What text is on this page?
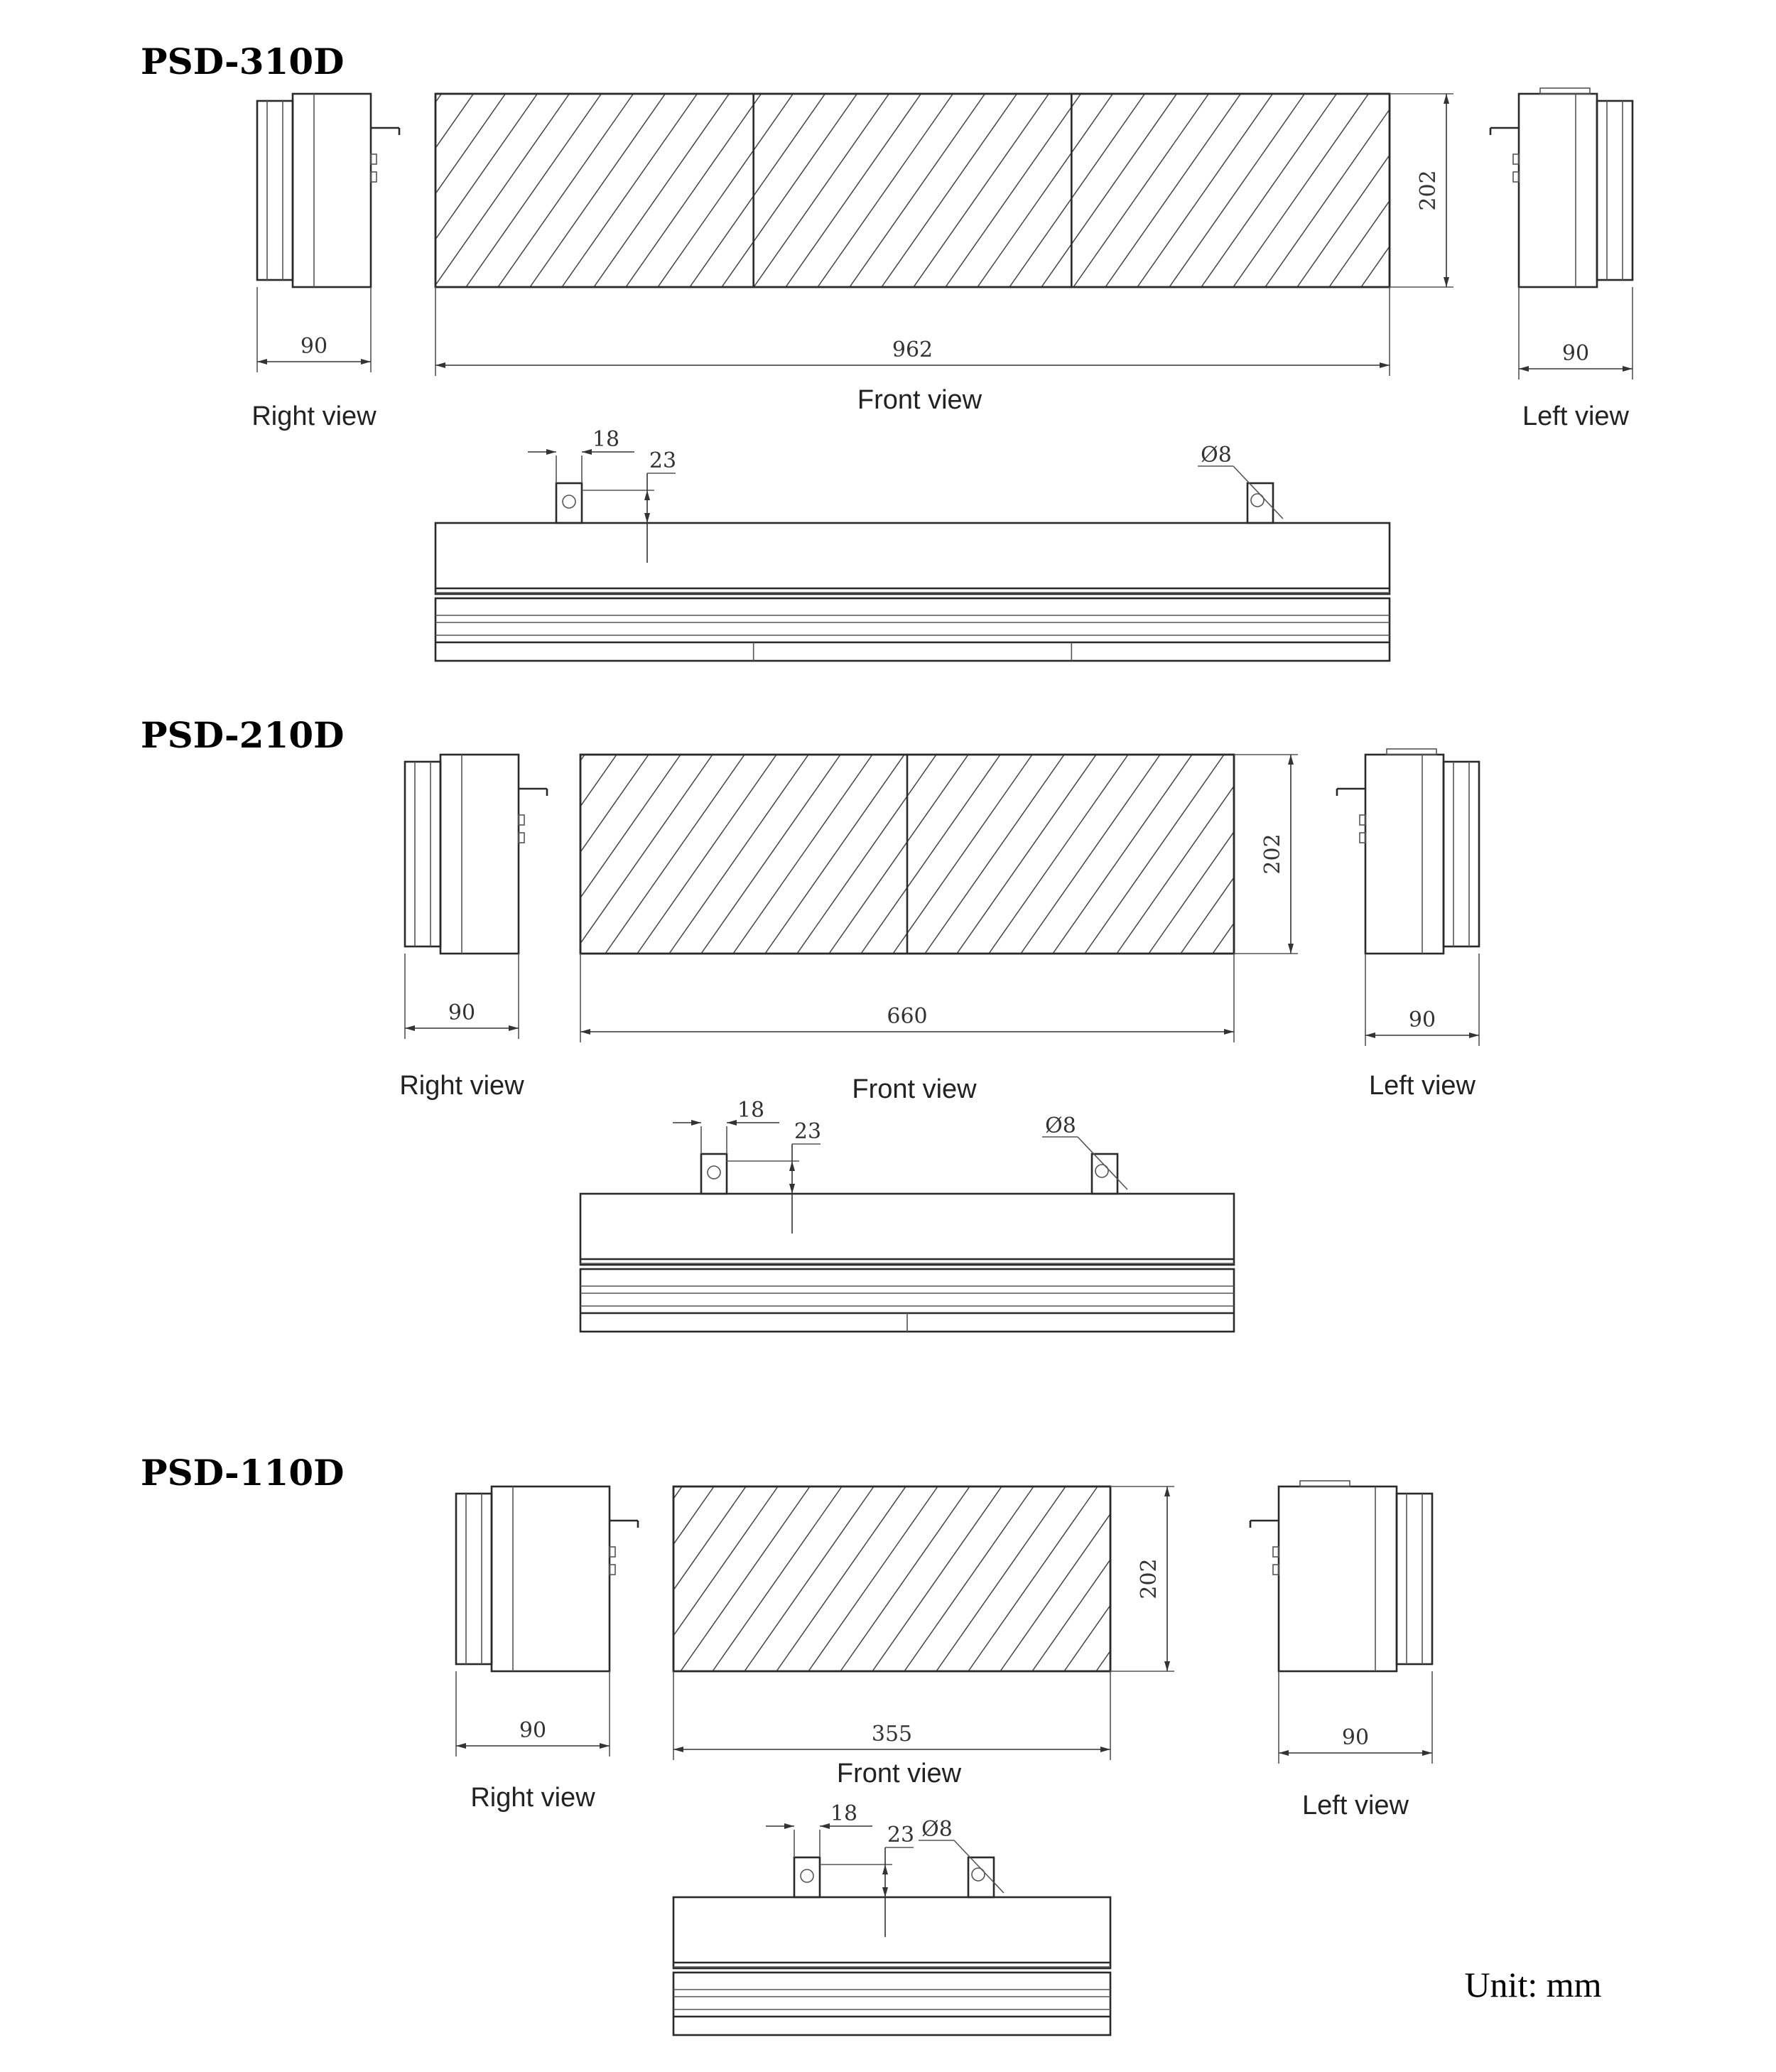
PSD-310D
90
Right view
962
202
Front view
90
Left view
18
23	Ø8
PSD-210D
90
Right view
660
202
Front view
90
Left view
18
23	Ø8
PSD-110D
90
Right view
355
202
Front view
90
Left view
18
23 Ø8
Unit: mm
